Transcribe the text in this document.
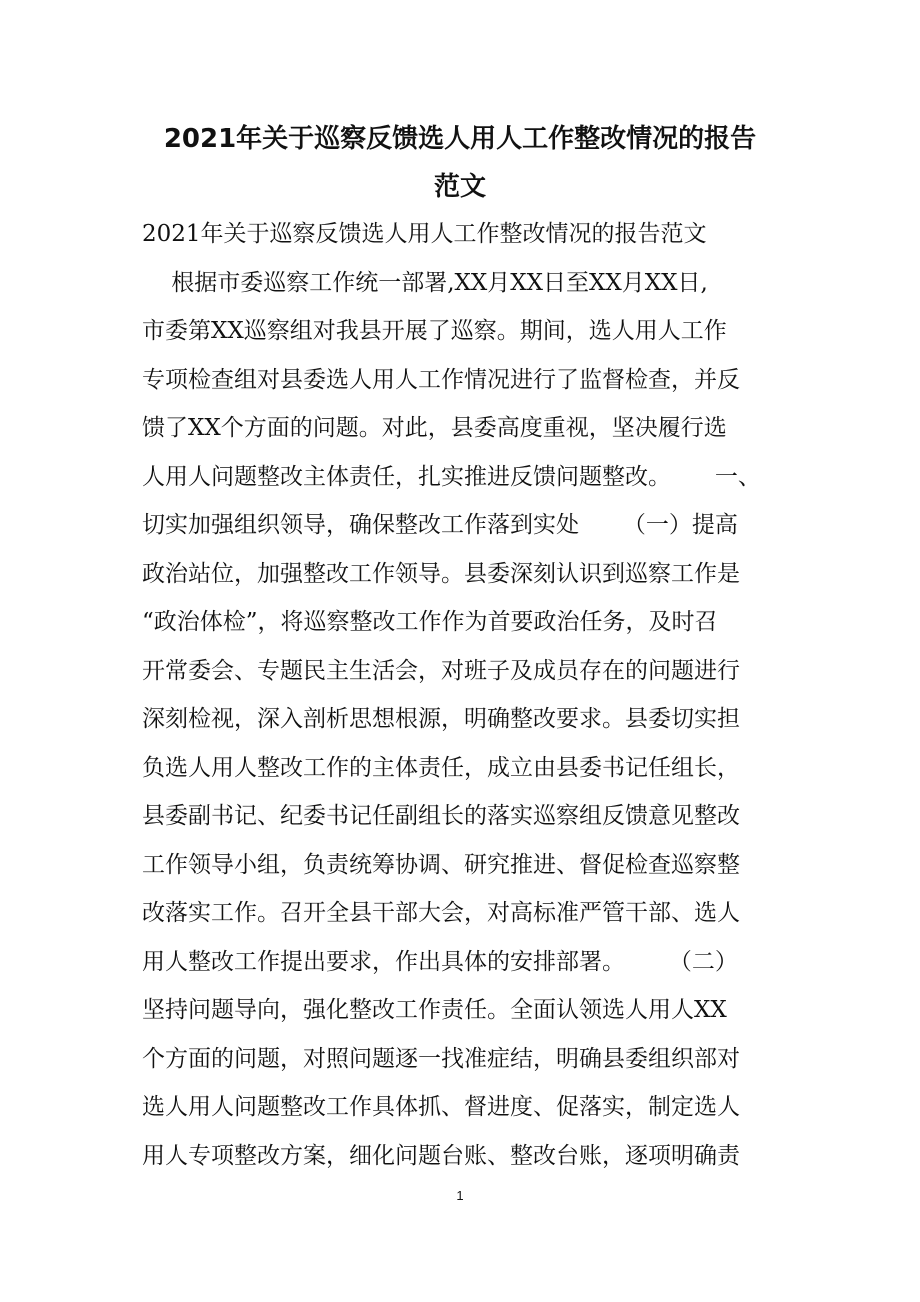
2021年关于巡察反馈选人用人工作整改情况的报告
范文
2021年关于巡察反馈选人用人工作整改情况的报告范文
根据市委巡察工作统一部署,XX月XX日至XX月XX日,
市委第XX巡察组对我县开展了巡察。期间，选人用人工作
专项检查组对县委选人用人工作情况进行了监督检查，并反
馈了XX个方面的问题。对此，县委高度重视，坚决履行选
人用人问题整改主体责任，扎实推进反馈问题整改。      一、
切实加强组织领导，确保整改工作落到实处      （一）提高
政治站位，加强整改工作领导。县委深刻认识到巡察工作是
“政治体检”，将巡察整改工作作为首要政治任务，及时召
开常委会、专题民主生活会，对班子及成员存在的问题进行
深刻检视，深入剖析思想根源，明确整改要求。县委切实担
负选人用人整改工作的主体责任，成立由县委书记任组长，
县委副书记、纪委书记任副组长的落实巡察组反馈意见整改
工作领导小组，负责统筹协调、研究推进、督促检查巡察整
改落实工作。召开全县干部大会，对高标准严管干部、选人
用人整改工作提出要求，作出具体的安排部署。      （二）
坚持问题导向，强化整改工作责任。全面认领选人用人XX
个方面的问题，对照问题逐一找准症结，明确县委组织部对
选人用人问题整改工作具体抓、督进度、促落实，制定选人
用人专项整改方案，细化问题台账、整改台账，逐项明确责
1
